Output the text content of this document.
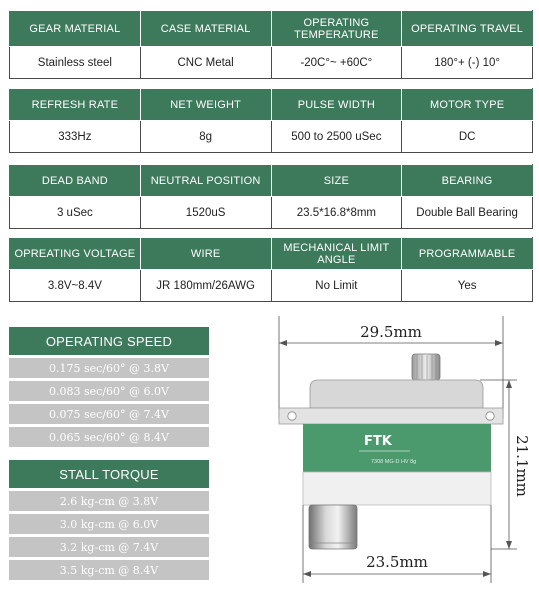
GEAR MATERIAL	CASE MATERIAL	OPERATING TEMPERATURE	OPERATING TRAVEL
Stainless steel	CNC Metal	-20C°~ +60C°	180°+ (-) 10°
REFRESH RATE	NET WEIGHT	PULSE WIDTH	MOTOR TYPE
333Hz	8g	500 to 2500 uSec	DC
DEAD BAND	NEUTRAL POSITION	SIZE	BEARING
3 uSec	1520uS	23.5*16.8*8mm	Double Ball Bearing
OPREATING VOLTAGE	WIRE	MECHANICAL LIMIT ANGLE	PROGRAMMABLE
3.8V~8.4V	JR 180mm/26AWG	No Limit	Yes
OPERATING SPEED
0.175 sec/60° @ 3.8V
0.083 sec/60° @ 6.0V
0.075 sec/60° @ 7.4V
0.065 sec/60° @ 8.4V
STALL TORQUE
2.6 kg-cm @ 3.8V
3.0 kg-cm @ 6.0V
3.2 kg-cm @ 7.4V
3.5 kg-cm @ 8.4V
29.5mm
FTK
7308 MG-D HV 8g	21.1mm
23.5mm
